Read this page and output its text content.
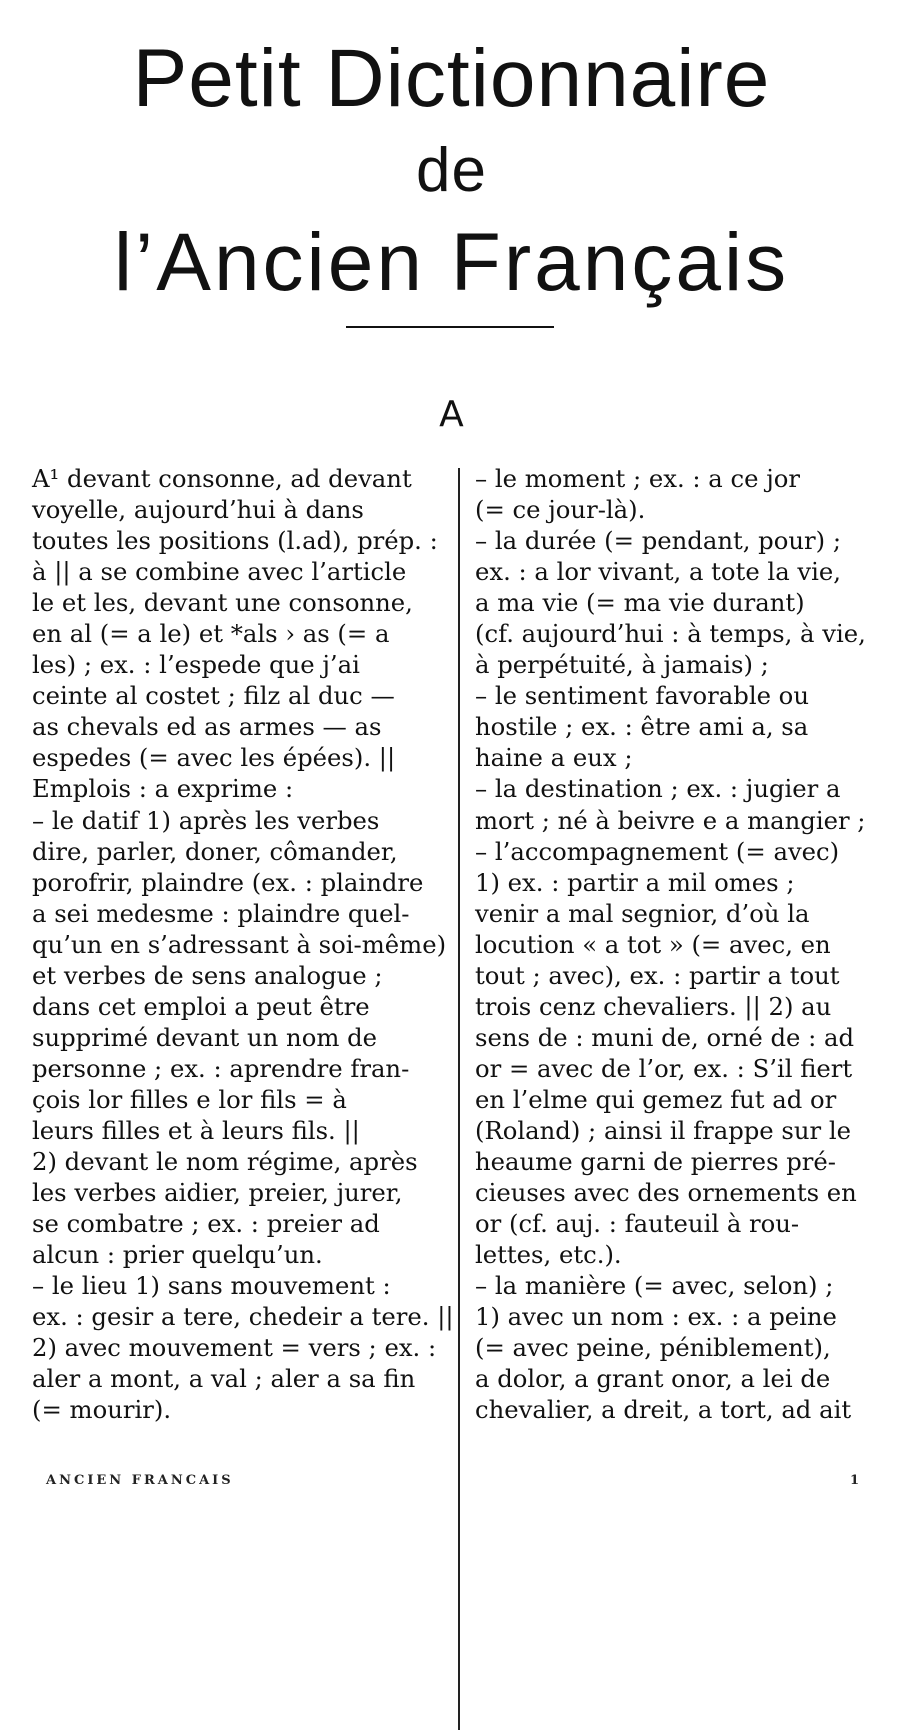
Petit Dictionnaire
de
l’Ancien Français
A
A¹ devant consonne, ad devant
voyelle, aujourd’hui à dans
toutes les positions (l.ad), prép. :
à || a se combine avec l’article
le et les, devant une consonne,
en al (= a le) et *als › as (= a
les) ; ex. : l’espede que j’ai
ceinte al costet ; filz al duc —
as chevals ed as armes — as
espedes (= avec les épées). ||
Emplois : a exprime :
– le datif 1) après les verbes
dire, parler, doner, cômander,
porofrir, plaindre (ex. : plaindre
a sei medesme : plaindre quel-
qu’un en s’adressant à soi-même)
et verbes de sens analogue ;
dans cet emploi a peut être
supprimé devant un nom de
personne ; ex. : aprendre fran-
çois lor filles e lor fils = à
leurs filles et à leurs fils. ||
2) devant le nom régime, après
les verbes aidier, preier, jurer,
se combatre ; ex. : preier ad
alcun : prier quelqu’un.
– le lieu 1) sans mouvement :
ex. : gesir a tere, chedeir a tere. ||
2) avec mouvement = vers ; ex. :
aler a mont, a val ; aler a sa fin
(= mourir).
– le moment ; ex. : a ce jor
(= ce jour-là).
– la durée (= pendant, pour) ;
ex. : a lor vivant, a tote la vie,
a ma vie (= ma vie durant)
(cf. aujourd’hui : à temps, à vie,
à perpétuité, à jamais) ;
– le sentiment favorable ou
hostile ; ex. : être ami a, sa
haine a eux ;
– la destination ; ex. : jugier a
mort ; né à beivre e a mangier ;
– l’accompagnement (= avec)
1) ex. : partir a mil omes ;
venir a mal segnior, d’où la
locution « a tot » (= avec, en
tout ; avec), ex. : partir a tout
trois cenz chevaliers. || 2) au
sens de : muni de, orné de : ad
or = avec de l’or, ex. : S’il fiert
en l’elme qui gemez fut ad or
(Roland) ; ainsi il frappe sur le
heaume garni de pierres pré-
cieuses avec des ornements en
or (cf. auj. : fauteuil à rou-
lettes, etc.).
– la manière (= avec, selon) ;
1) avec un nom : ex. : a peine
(= avec peine, péniblement),
a dolor, a grant onor, a lei de
chevalier, a dreit, a tort, ad ait
ANCIEN FRANCAIS	1
